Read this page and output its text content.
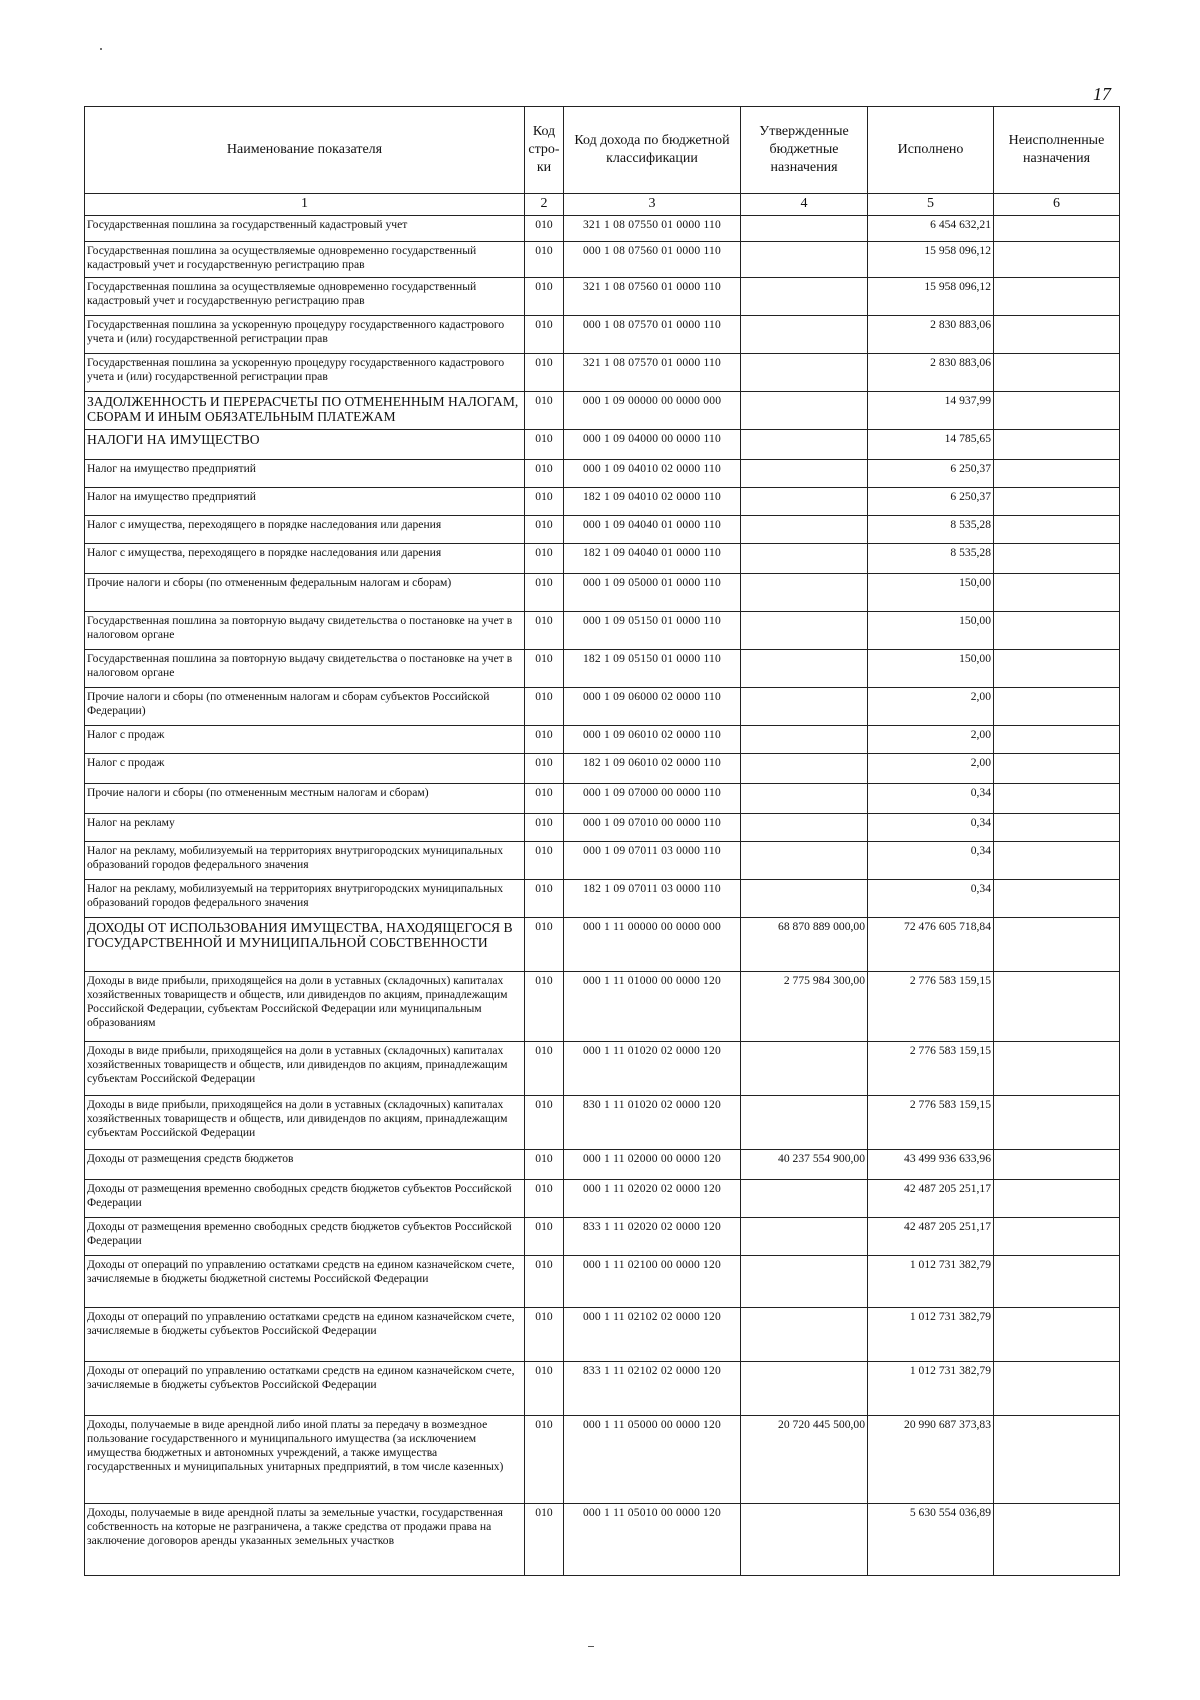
17
Наименование показателя	Код стро- ки	Код дохода по бюджетной классификации	Утвержденные бюджетные назначения	Исполнено	Неисполненные назначения
1	2	3	4	5	6
Государственная пошлина за государственный кадастровый учет	010	321 1 08 07550 01 0000 110		6 454 632,21	
Государственная пошлина за осуществляемые одновременно государственный кадастровый учет и государственную регистрацию прав	010	000 1 08 07560 01 0000 110		15 958 096,12	
Государственная пошлина за осуществляемые одновременно государственный кадастровый учет и государственную регистрацию прав	010	321 1 08 07560 01 0000 110		15 958 096,12	
Государственная пошлина за ускоренную процедуру государственного кадастрового учета и (или) государственной регистрации прав	010	000 1 08 07570 01 0000 110		2 830 883,06	
Государственная пошлина за ускоренную процедуру государственного кадастрового учета и (или) государственной регистрации прав	010	321 1 08 07570 01 0000 110		2 830 883,06	
ЗАДОЛЖЕННОСТЬ И ПЕРЕРАСЧЕТЫ ПО ОТМЕНЕННЫМ НАЛОГАМ, СБОРАМ И ИНЫМ ОБЯЗАТЕЛЬНЫМ ПЛАТЕЖАМ	010	000 1 09 00000 00 0000 000		14 937,99	
НАЛОГИ НА ИМУЩЕСТВО	010	000 1 09 04000 00 0000 110		14 785,65	
Налог на имущество предприятий	010	000 1 09 04010 02 0000 110		6 250,37	
Налог на имущество предприятий	010	182 1 09 04010 02 0000 110		6 250,37	
Налог с имущества, переходящего в порядке наследования или дарения	010	000 1 09 04040 01 0000 110		8 535,28	
Налог с имущества, переходящего в порядке наследования или дарения	010	182 1 09 04040 01 0000 110		8 535,28	
Прочие налоги и сборы (по отмененным федеральным налогам и сборам)	010	000 1 09 05000 01 0000 110		150,00	
Государственная пошлина за повторную выдачу свидетельства о постановке на учет в налоговом органе	010	000 1 09 05150 01 0000 110		150,00	
Государственная пошлина за повторную выдачу свидетельства о постановке на учет в налоговом органе	010	182 1 09 05150 01 0000 110		150,00	
Прочие налоги и сборы (по отмененным налогам и сборам субъектов Российской Федерации)	010	000 1 09 06000 02 0000 110		2,00	
Налог с продаж	010	000 1 09 06010 02 0000 110		2,00	
Налог с продаж	010	182 1 09 06010 02 0000 110		2,00	
Прочие налоги и сборы (по отмененным местным налогам и сборам)	010	000 1 09 07000 00 0000 110		0,34	
Налог на рекламу	010	000 1 09 07010 00 0000 110		0,34	
Налог на рекламу, мобилизуемый на территориях внутригородских муниципальных образований городов федерального значения	010	000 1 09 07011 03 0000 110		0,34	
Налог на рекламу, мобилизуемый на территориях внутригородских муниципальных образований городов федерального значения	010	182 1 09 07011 03 0000 110		0,34	
ДОХОДЫ ОТ ИСПОЛЬЗОВАНИЯ ИМУЩЕСТВА, НАХОДЯЩЕГОСЯ В ГОСУДАРСТВЕННОЙ И МУНИЦИПАЛЬНОЙ СОБСТВЕННОСТИ	010	000 1 11 00000 00 0000 000	68 870 889 000,00	72 476 605 718,84	
Доходы в виде прибыли, приходящейся на доли в уставных (складочных) капиталах хозяйственных товариществ и обществ, или дивидендов по акциям, принадлежащим Российской Федерации, субъектам Российской Федерации или муниципальным образованиям	010	000 1 11 01000 00 0000 120	2 775 984 300,00	2 776 583 159,15	
Доходы в виде прибыли, приходящейся на доли в уставных (складочных) капиталах хозяйственных товариществ и обществ, или дивидендов по акциям, принадлежащим субъектам Российской Федерации	010	000 1 11 01020 02 0000 120		2 776 583 159,15	
Доходы в виде прибыли, приходящейся на доли в уставных (складочных) капиталах хозяйственных товариществ и обществ, или дивидендов по акциям, принадлежащим субъектам Российской Федерации	010	830 1 11 01020 02 0000 120		2 776 583 159,15	
Доходы от размещения средств бюджетов	010	000 1 11 02000 00 0000 120	40 237 554 900,00	43 499 936 633,96	
Доходы от размещения временно свободных средств бюджетов субъектов Российской Федерации	010	000 1 11 02020 02 0000 120		42 487 205 251,17	
Доходы от размещения временно свободных средств бюджетов субъектов Российской Федерации	010	833 1 11 02020 02 0000 120		42 487 205 251,17	
Доходы от операций по управлению остатками средств на едином казначейском счете, зачисляемые в бюджеты бюджетной системы Российской Федерации	010	000 1 11 02100 00 0000 120		1 012 731 382,79	
Доходы от операций по управлению остатками средств на едином казначейском счете, зачисляемые в бюджеты субъектов Российской Федерации	010	000 1 11 02102 02 0000 120		1 012 731 382,79	
Доходы от операций по управлению остатками средств на едином казначейском счете, зачисляемые в бюджеты субъектов Российской Федерации	010	833 1 11 02102 02 0000 120		1 012 731 382,79	
Доходы, получаемые в виде арендной либо иной платы за передачу в возмездное пользование государственного и муниципального имущества (за исключением имущества бюджетных и автономных учреждений, а также имущества государственных и муниципальных унитарных предприятий, в том числе казенных)	010	000 1 11 05000 00 0000 120	20 720 445 500,00	20 990 687 373,83	
Доходы, получаемые в виде арендной платы за земельные участки, государственная собственность на которые не разграничена, а также средства от продажи права на заключение договоров аренды указанных земельных участков	010	000 1 11 05010 00 0000 120		5 630 554 036,89	
